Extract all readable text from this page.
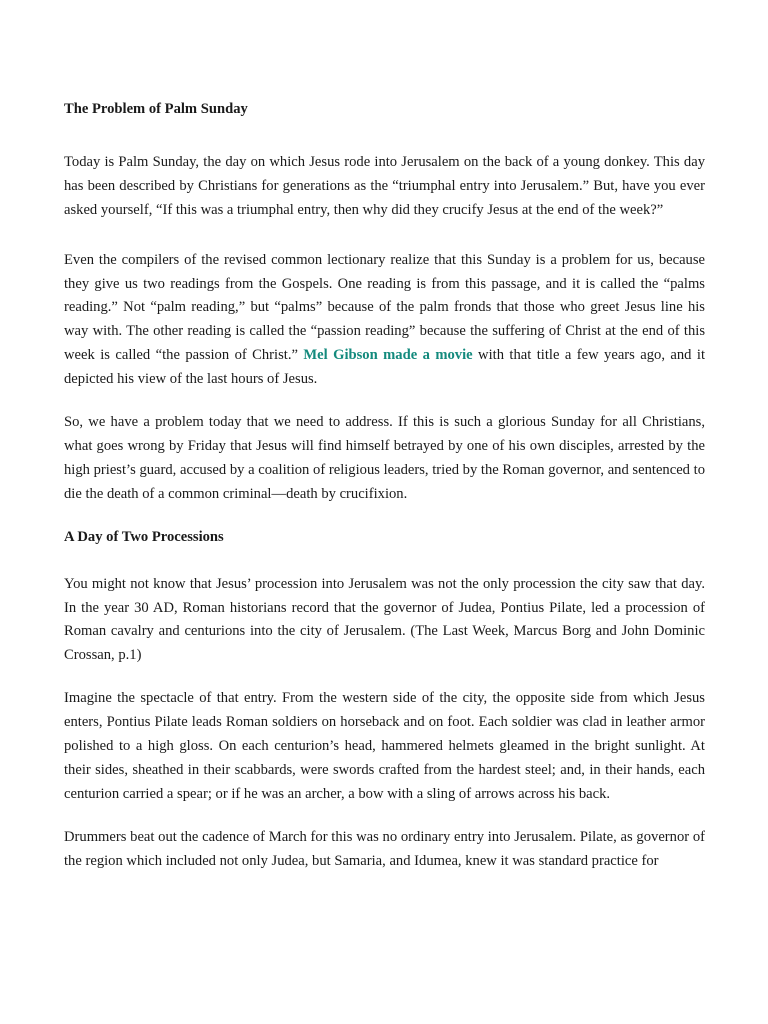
The Problem of Palm Sunday

Today is Palm Sunday, the day on which Jesus rode into Jerusalem on the back of a young donkey. This day has been described by Christians for generations as the “triumphal entry into Jerusalem.” But, have you ever asked yourself, “If this was a triumphal entry, then why did they crucify Jesus at the end of the week?”

Even the compilers of the revised common lectionary realize that this Sunday is a problem for us, because they give us two readings from the Gospels. One reading is from this passage, and it is called the “palms reading.” Not “palm reading,” but “palms” because of the palm fronds that those who greet Jesus line his way with. The other reading is called the “passion reading” because the suffering of Christ at the end of this week is called “the passion of Christ.” Mel Gibson made a movie with that title a few years ago, and it depicted his view of the last hours of Jesus.

So, we have a problem today that we need to address. If this is such a glorious Sunday for all Christians, what goes wrong by Friday that Jesus will find himself betrayed by one of his own disciples, arrested by the high priest’s guard, accused by a coalition of religious leaders, tried by the Roman governor, and sentenced to die the death of a common criminal—death by crucifixion.

A Day of Two Processions

You might not know that Jesus’ procession into Jerusalem was not the only procession the city saw that day. In the year 30 AD, Roman historians record that the governor of Judea, Pontius Pilate, led a procession of Roman cavalry and centurions into the city of Jerusalem. (The Last Week, Marcus Borg and John Dominic Crossan, p.1)

Imagine the spectacle of that entry. From the western side of the city, the opposite side from which Jesus enters, Pontius Pilate leads Roman soldiers on horseback and on foot. Each soldier was clad in leather armor polished to a high gloss. On each centurion’s head, hammered helmets gleamed in the bright sunlight. At their sides, sheathed in their scabbards, were swords crafted from the hardest steel; and, in their hands, each centurion carried a spear; or if he was an archer, a bow with a sling of arrows across his back.

Drummers beat out the cadence of March for this was no ordinary entry into Jerusalem. Pilate, as governor of the region which included not only Judea, but Samaria, and Idumea, knew it was standard practice for
